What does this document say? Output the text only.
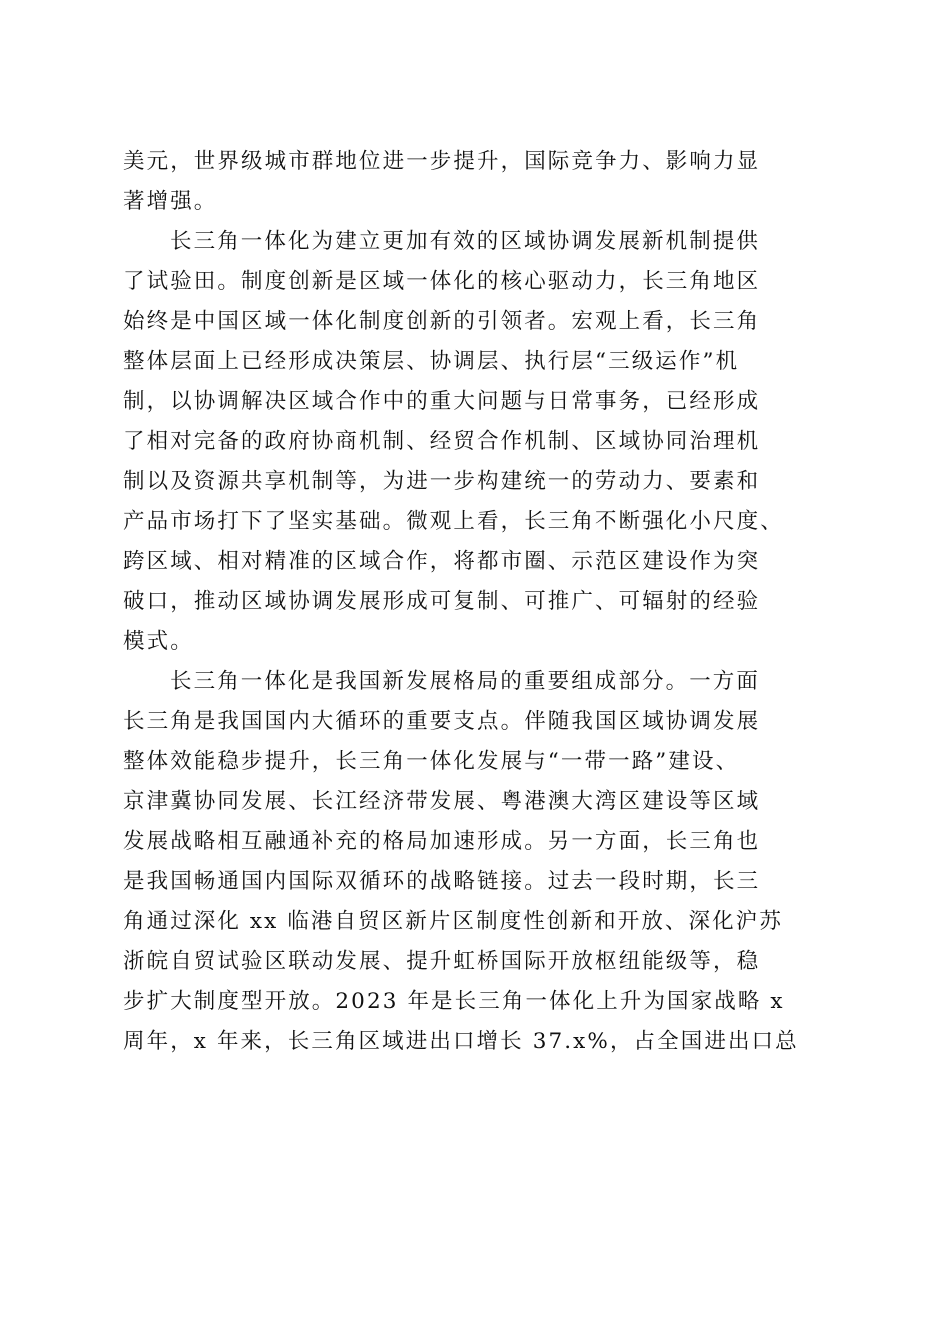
美元，世界级城市群地位进一步提升，国际竞争力、影响力显
著增强。
长三角一体化为建立更加有效的区域协调发展新机制提供
了试验田。制度创新是区域一体化的核心驱动力，长三角地区
始终是中国区域一体化制度创新的引领者。宏观上看，长三角
整体层面上已经形成决策层、协调层、执行层“三级运作”机
制，以协调解决区域合作中的重大问题与日常事务，已经形成
了相对完备的政府协商机制、经贸合作机制、区域协同治理机
制以及资源共享机制等，为进一步构建统一的劳动力、要素和
产品市场打下了坚实基础。微观上看，长三角不断强化小尺度、
跨区域、相对精准的区域合作，将都市圈、示范区建设作为突
破口，推动区域协调发展形成可复制、可推广、可辐射的经验
模式。
长三角一体化是我国新发展格局的重要组成部分。一方面
长三角是我国国内大循环的重要支点。伴随我国区域协调发展
整体效能稳步提升，长三角一体化发展与“一带一路”建设、
京津冀协同发展、长江经济带发展、粤港澳大湾区建设等区域
发展战略相互融通补充的格局加速形成。另一方面，长三角也
是我国畅通国内国际双循环的战略链接。过去一段时期，长三
角通过深化 xx 临港自贸区新片区制度性创新和开放、深化沪苏
浙皖自贸试验区联动发展、提升虹桥国际开放枢纽能级等，稳
步扩大制度型开放。2023 年是长三角一体化上升为国家战略 x
周年，x 年来，长三角区域进出口增长 37.x%，占全国进出口总
